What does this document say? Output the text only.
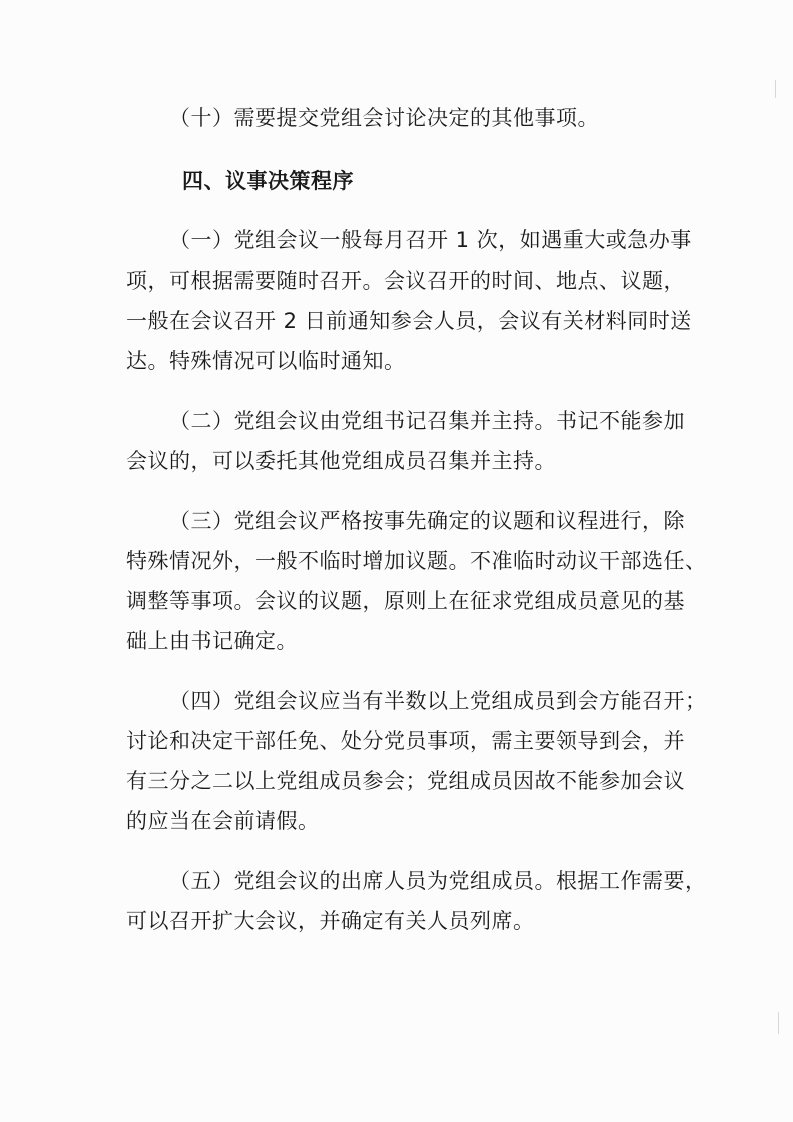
（十）需要提交党组会讨论决定的其他事项。
四、议事决策程序
（一）党组会议一般每月召开 1 次，如遇重大或急办事
项，可根据需要随时召开。会议召开的时间、地点、议题，
一般在会议召开 2 日前通知参会人员，会议有关材料同时送
达。特殊情况可以临时通知。
（二）党组会议由党组书记召集并主持。书记不能参加
会议的，可以委托其他党组成员召集并主持。
（三）党组会议严格按事先确定的议题和议程进行，除
特殊情况外，一般不临时增加议题。不准临时动议干部选任、
调整等事项。会议的议题，原则上在征求党组成员意见的基
础上由书记确定。
（四）党组会议应当有半数以上党组成员到会方能召开；
讨论和决定干部任免、处分党员事项，需主要领导到会，并
有三分之二以上党组成员参会；党组成员因故不能参加会议
的应当在会前请假。
（五）党组会议的出席人员为党组成员。根据工作需要，
可以召开扩大会议，并确定有关人员列席。
